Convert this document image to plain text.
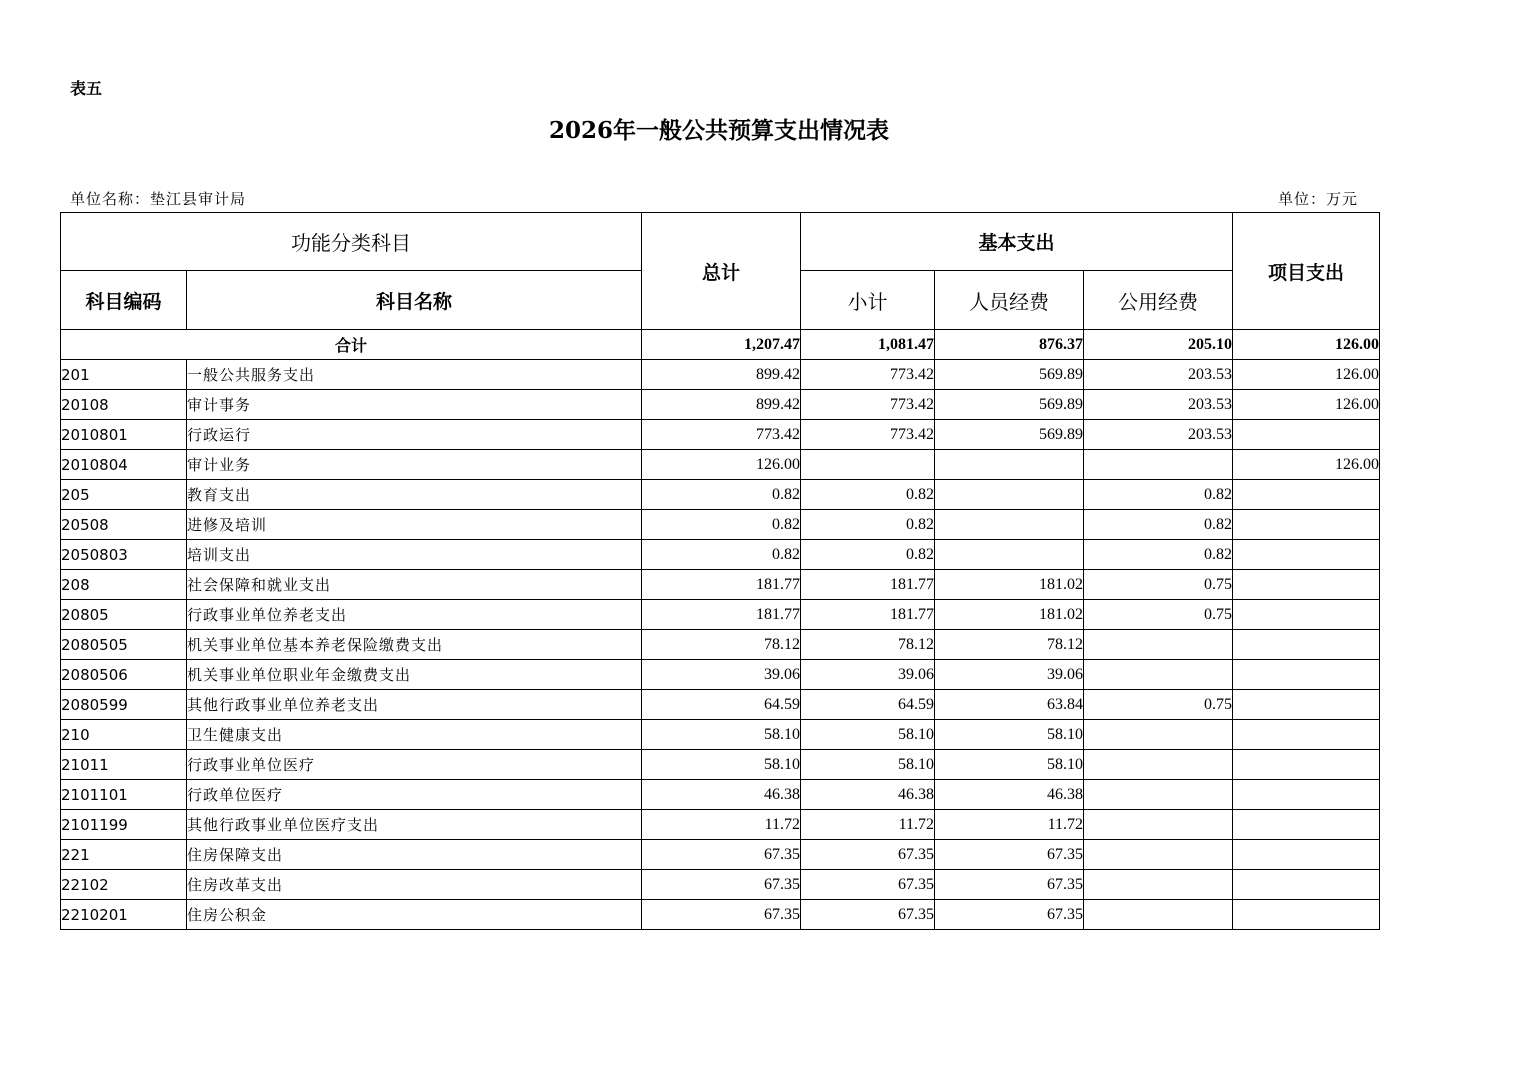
表五
2026年一般公共预算支出情况表
单位名称：垫江县审计局	单位：万元
功能分类科目		总计	基本支出			项目支出
科目编码	科目名称		小计	人员经费	公用经费	
合计		1,207.47	1,081.47	876.37	205.10	126.00
201	一般公共服务支出	899.42	773.42	569.89	203.53	126.00
20108	审计事务	899.42	773.42	569.89	203.53	126.00
2010801	行政运行	773.42	773.42	569.89	203.53	
2010804	审计业务	126.00				126.00
205	教育支出	0.82	0.82		0.82	
20508	进修及培训	0.82	0.82		0.82	
2050803	培训支出	0.82	0.82		0.82	
208	社会保障和就业支出	181.77	181.77	181.02	0.75	
20805	行政事业单位养老支出	181.77	181.77	181.02	0.75	
2080505	机关事业单位基本养老保险缴费支出	78.12	78.12	78.12		
2080506	机关事业单位职业年金缴费支出	39.06	39.06	39.06		
2080599	其他行政事业单位养老支出	64.59	64.59	63.84	0.75	
210	卫生健康支出	58.10	58.10	58.10		
21011	行政事业单位医疗	58.10	58.10	58.10		
2101101	行政单位医疗	46.38	46.38	46.38		
2101199	其他行政事业单位医疗支出	11.72	11.72	11.72		
221	住房保障支出	67.35	67.35	67.35		
22102	住房改革支出	67.35	67.35	67.35		
2210201	住房公积金	67.35	67.35	67.35		
